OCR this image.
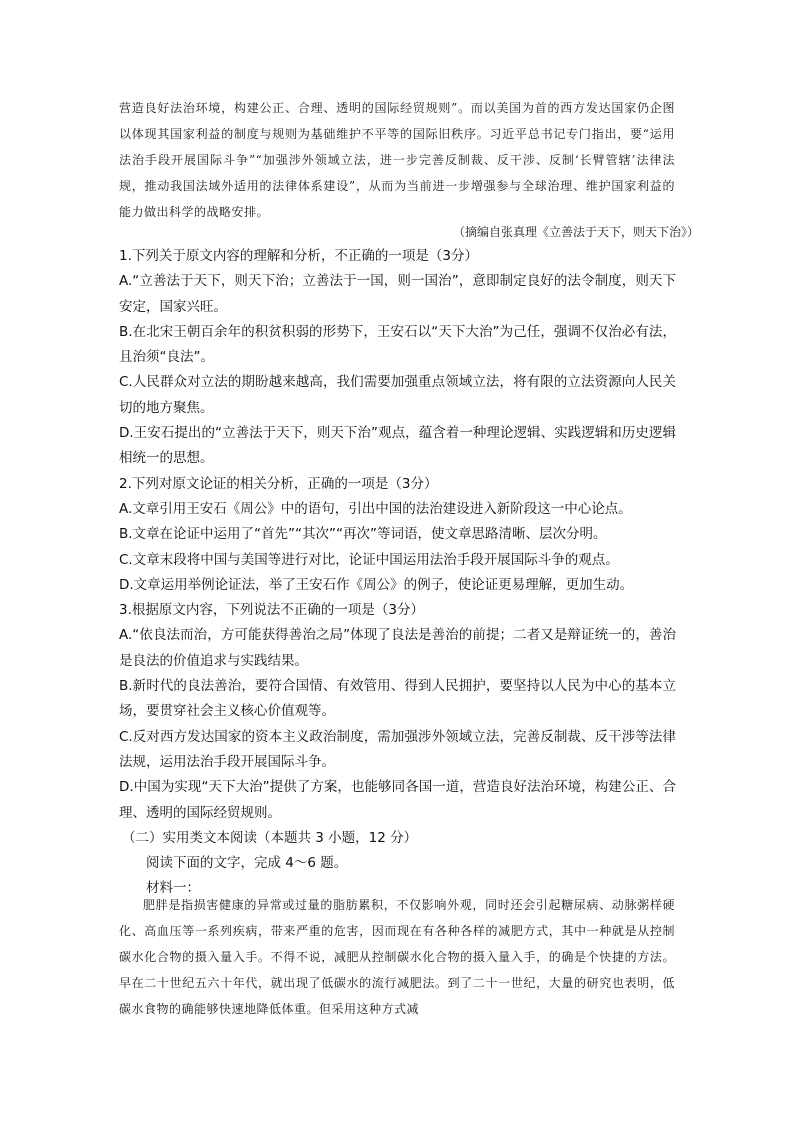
营造良好法治环境，构建公正、合理、透明的国际经贸规则”。而以美国为首的西方发达国家仍企图以体现其国家利益的制度与规则为基础维护不平等的国际旧秩序。习近平总书记专门指出，要“运用法治手段开展国际斗争”“加强涉外领域立法，进一步完善反制裁、反干涉、反制‘长臂管辖’法律法规，推动我国法域外适用的法律体系建设”，从而为当前进一步增强参与全球治理、维护国家利益的能力做出科学的战略安排。

（摘编自张真理《立善法于天下，则天下治》）

1.下列关于原文内容的理解和分析，不正确的一项是（3分）

A.“立善法于天下，则天下治；立善法于一国，则一国治”，意即制定良好的法令制度，则天下安定，国家兴旺。

B.在北宋王朝百余年的积贫积弱的形势下，王安石以“天下大治”为己任，强调不仅治必有法，且治须“良法”。

C.人民群众对立法的期盼越来越高，我们需要加强重点领域立法，将有限的立法资源向人民关切的地方聚焦。

D.王安石提出的“立善法于天下，则天下治”观点，蕴含着一种理论逻辑、实践逻辑和历史逻辑相统一的思想。

2.下列对原文论证的相关分析，正确的一项是（3分）

A.文章引用王安石《周公》中的语句，引出中国的法治建设进入新阶段这一中心论点。

B.文章在论证中运用了“首先”“其次”“再次”等词语，使文章思路清晰、层次分明。

C.文章末段将中国与美国等进行对比，论证中国运用法治手段开展国际斗争的观点。

D.文章运用举例论证法，举了王安石作《周公》的例子，使论证更易理解，更加生动。

3.根据原文内容，下列说法不正确的一项是（3分）

A.“依良法而治，方可能获得善治之局”体现了良法是善治的前提；二者又是辩证统一的，善治是良法的价值追求与实践结果。

B.新时代的良法善治，要符合国情、有效管用、得到人民拥护，要坚持以人民为中心的基本立场，要贯穿社会主义核心价值观等。

C.反对西方发达国家的资本主义政治制度，需加强涉外领域立法，完善反制裁、反干涉等法律法规，运用法治手段开展国际斗争。

D.中国为实现“天下大治”提供了方案，也能够同各国一道，营造良好法治环境，构建公正、合理、透明的国际经贸规则。

（二）实用类文本阅读（本题共 3 小题，12 分）

阅读下面的文字，完成 4～6 题。

材料一：

肥胖是指损害健康的异常或过量的脂肪累积，不仅影响外观，同时还会引起糖尿病、动脉粥样硬化、高血压等一系列疾病，带来严重的危害，因而现在有各种各样的减肥方式，其中一种就是从控制碳水化合物的摄入量入手。不得不说，减肥从控制碳水化合物的摄入量入手，的确是个快捷的方法。早在二十世纪五六十年代，就出现了低碳水的流行减肥法。到了二十一世纪，大量的研究也表明，低碳水食物的确能够快速地降低体重。但采用这种方式减
